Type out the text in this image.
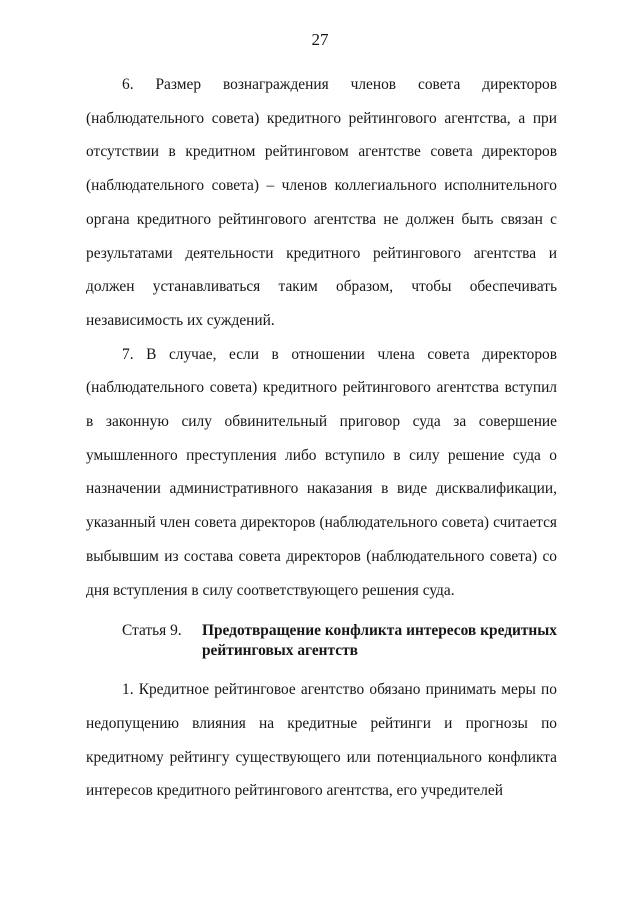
27

6. Размер вознаграждения членов совета директоров (наблюдательного совета) кредитного рейтингового агентства, а при отсутствии в кредитном рейтинговом агентстве совета директоров (наблюдательного совета) – членов коллегиального исполнительного органа кредитного рейтингового агентства не должен быть связан с результатами деятельности кредитного рейтингового агентства и должен устанавливаться таким образом, чтобы обеспечивать независимость их суждений.

7. В случае, если в отношении члена совета директоров (наблюдательного совета) кредитного рейтингового агентства вступил в законную силу обвинительный приговор суда за совершение умышленного преступления либо вступило в силу решение суда о назначении административного наказания в виде дисквалификации, указанный член совета директоров (наблюдательного совета) считается выбывшим из состава совета директоров (наблюдательного совета) со дня вступления в силу соответствующего решения суда.

Статья 9.	Предотвращение конфликта интересов кредитных рейтинговых агентств

1. Кредитное рейтинговое агентство обязано принимать меры по недопущению влияния на кредитные рейтинги и прогнозы по кредитному рейтингу существующего или потенциального конфликта интересов кредитного рейтингового агентства, его учредителей
